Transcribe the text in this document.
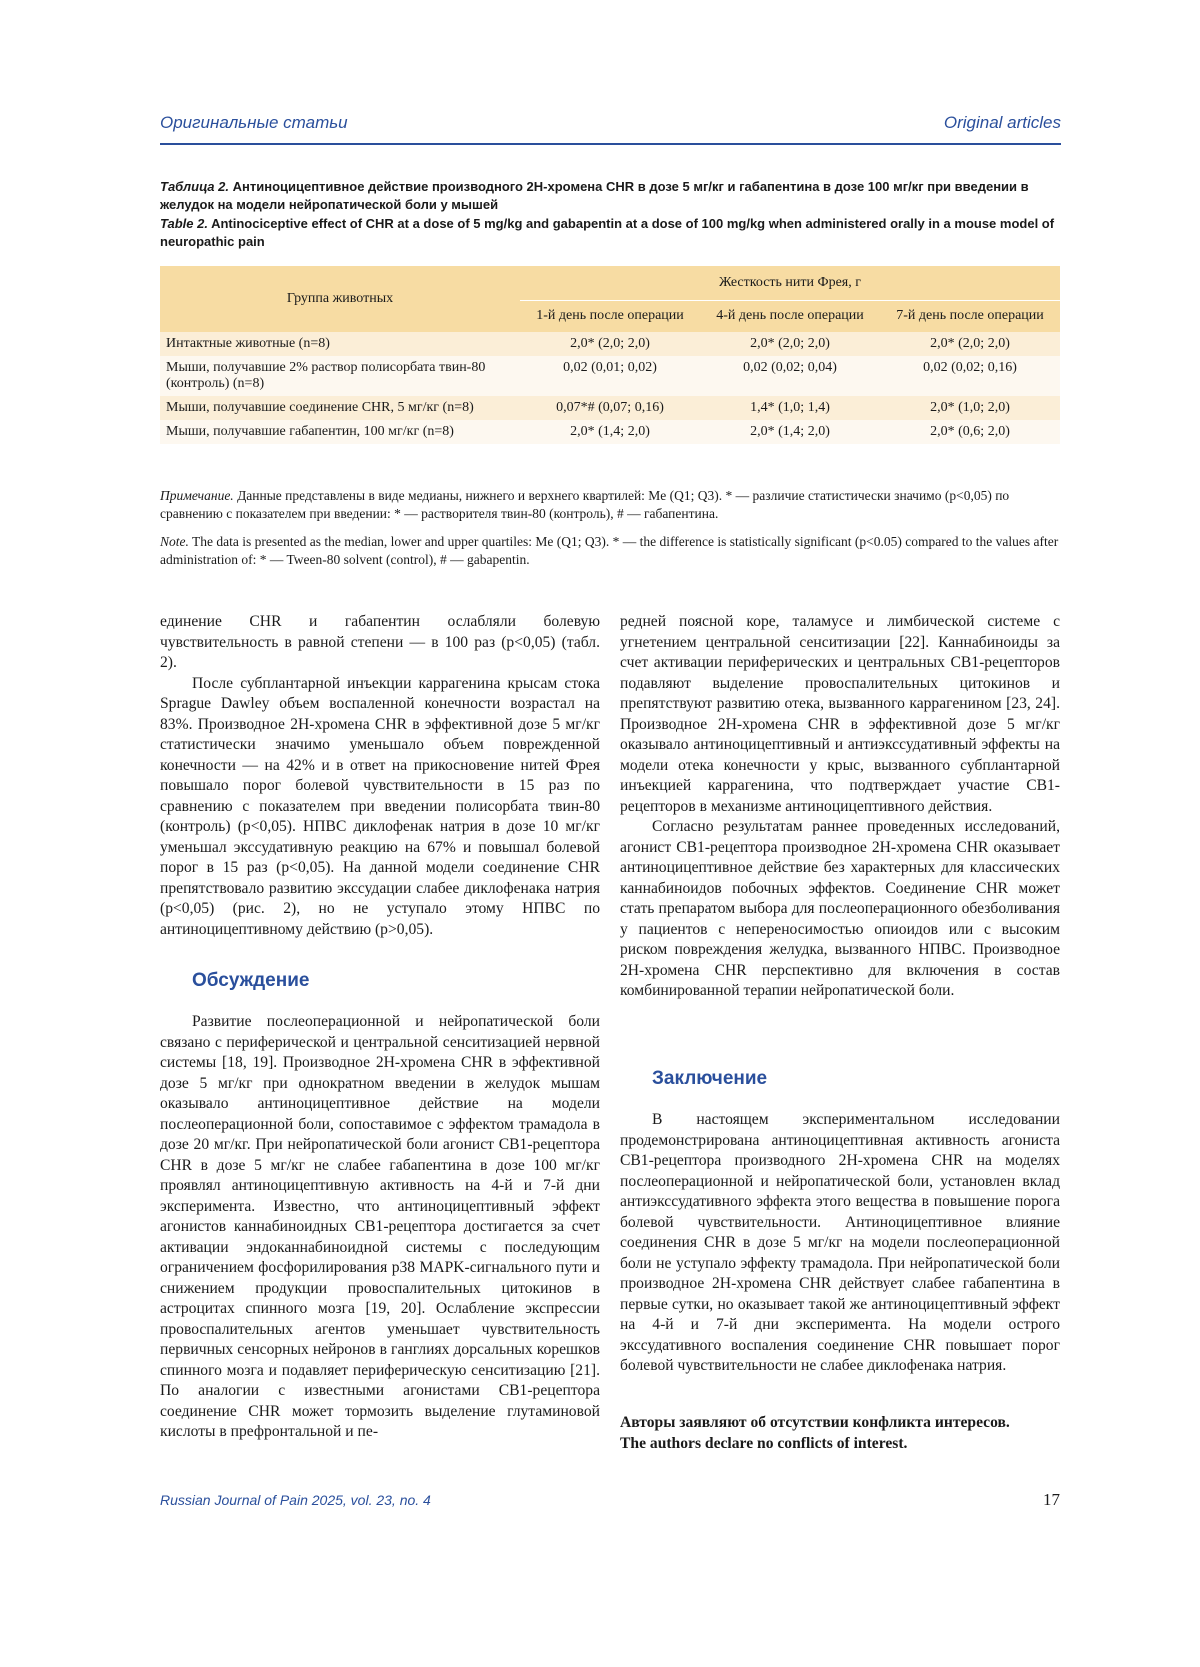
Оригинальные статьи	Original articles
Таблица 2. Антиноцицептивное действие производного 2H-хромена CHR в дозе 5 мг/кг и габапентина в дозе 100 мг/кг при введении в желудок на модели нейропатической боли у мышей
Table 2. Antinociceptive effect of CHR at a dose of 5 mg/kg and gabapentin at a dose of 100 mg/kg when administered orally in a mouse model of neuropathic pain
Группа животных	Жесткость нити Фрея, г		
	1-й день после операции	4-й день после операции	7-й день после операции
Интактные животные (n=8)	2,0* (2,0; 2,0)	2,0* (2,0; 2,0)	2,0* (2,0; 2,0)
Мыши, получавшие 2% раствор полисорбата твин-80 (контроль) (n=8)	0,02 (0,01; 0,02)	0,02 (0,02; 0,04)	0,02 (0,02; 0,16)
Мыши, получавшие соединение CHR, 5 мг/кг (n=8)	0,07*# (0,07; 0,16)	1,4* (1,0; 1,4)	2,0* (1,0; 2,0)
Мыши, получавшие габапентин, 100 мг/кг (n=8)	2,0* (1,4; 2,0)	2,0* (1,4; 2,0)	2,0* (0,6; 2,0)
Примечание. Данные представлены в виде медианы, нижнего и верхнего квартилей: Me (Q1; Q3). * — различие статистически значимо (p<0,05) по сравнению с показателем при введении: * — растворителя твин-80 (контроль), # — габапентина.
Note. The data is presented as the median, lower and upper quartiles: Me (Q1; Q3). * — the difference is statistically significant (p<0.05) compared to the values after administration of: * — Tween-80 solvent (control), # — gabapentin.

единение CHR и габапентин ослабляли болевую чувствительность в равной степени — в 100 раз (p<0,05) (табл. 2).

После субплантарной инъекции каррагенина крысам стока Sprague Dawley объем воспаленной конечности возрастал на 83%. Производное 2H-хромена CHR в эффективной дозе 5 мг/кг статистически значимо уменьшало объем поврежденной конечности — на 42% и в ответ на прикосновение нитей Фрея повышало порог болевой чувствительности в 15 раз по сравнению с показателем при введении полисорбата твин-80 (контроль) (p<0,05). НПВС диклофенак натрия в дозе 10 мг/кг уменьшал экссудативную реакцию на 67% и повышал болевой порог в 15 раз (p<0,05). На данной модели соединение CHR препятствовало развитию экссудации слабее диклофенака натрия (p<0,05) (рис. 2), но не уступало этому НПВС по антиноцицептивному действию (p>0,05).

Обсуждение

Развитие послеоперационной и нейропатической боли связано с периферической и центральной сенситизацией нервной системы [18, 19]. Производное 2H-хромена CHR в эффективной дозе 5 мг/кг при однократном введении в желудок мышам оказывало антиноцицептивное действие на модели послеоперационной боли, сопоставимое с эффектом трамадола в дозе 20 мг/кг. При нейропатической боли агонист CB1-рецептора CHR в дозе 5 мг/кг не слабее габапентина в дозе 100 мг/кг проявлял антиноцицептивную активность на 4-й и 7-й дни эксперимента. Известно, что антиноцицептивный эффект агонистов каннабиноидных CB1-рецептора достигается за счет активации эндоканнабиноидной системы с последующим ограничением фосфорилирования p38 MAPK-сигнального пути и снижением продукции провоспалительных цитокинов в астроцитах спинного мозга [19, 20]. Ослабление экспрессии провоспалительных агентов уменьшает чувствительность первичных сенсорных нейронов в ганглиях дорсальных корешков спинного мозга и подавляет периферическую сенситизацию [21]. По аналогии с известными агонистами CB1-рецептора соединение CHR может тормозить выделение глутаминовой кислоты в префронтальной и пе-

редней поясной коре, таламусе и лимбической системе с угнетением центральной сенситизации [22]. Каннабиноиды за счет активации периферических и центральных CB1-рецепторов подавляют выделение провоспалительных цитокинов и препятствуют развитию отека, вызванного каррагенином [23, 24]. Производное 2H-хромена CHR в эффективной дозе 5 мг/кг оказывало антиноцицептивный и антиэкссудативный эффекты на модели отека конечности у крыс, вызванного субплантарной инъекцией каррагенина, что подтверждает участие CB1-рецепторов в механизме антиноцицептивного действия.

Согласно результатам раннее проведенных исследований, агонист CB1-рецептора производное 2H-хромена CHR оказывает антиноцицептивное действие без характерных для классических каннабиноидов побочных эффектов. Соединение CHR может стать препаратом выбора для послеоперационного обезболивания у пациентов с непереносимостью опиоидов или с высоким риском повреждения желудка, вызванного НПВС. Производное 2H-хромена CHR перспективно для включения в состав комбинированной терапии нейропатической боли.

Заключение

В настоящем экспериментальном исследовании продемонстрирована антиноцицептивная активность агониста CB1-рецептора производного 2H-хромена CHR на моделях послеоперационной и нейропатической боли, установлен вклад антиэкссудативного эффекта этого вещества в повышение порога болевой чувствительности. Антиноцицептивное влияние соединения CHR в дозе 5 мг/кг на модели послеоперационной боли не уступало эффекту трамадола. При нейропатической боли производное 2H-хромена CHR действует слабее габапентина в первые сутки, но оказывает такой же антиноцицептивный эффект на 4-й и 7-й дни эксперимента. На модели острого экссудативного воспаления соединение CHR повышает порог болевой чувствительности не слабее диклофенака натрия.

Авторы заявляют об отсутствии конфликта интересов.

The authors declare no conflicts of interest.

Russian Journal of Pain 2025, vol. 23, no. 4	17
